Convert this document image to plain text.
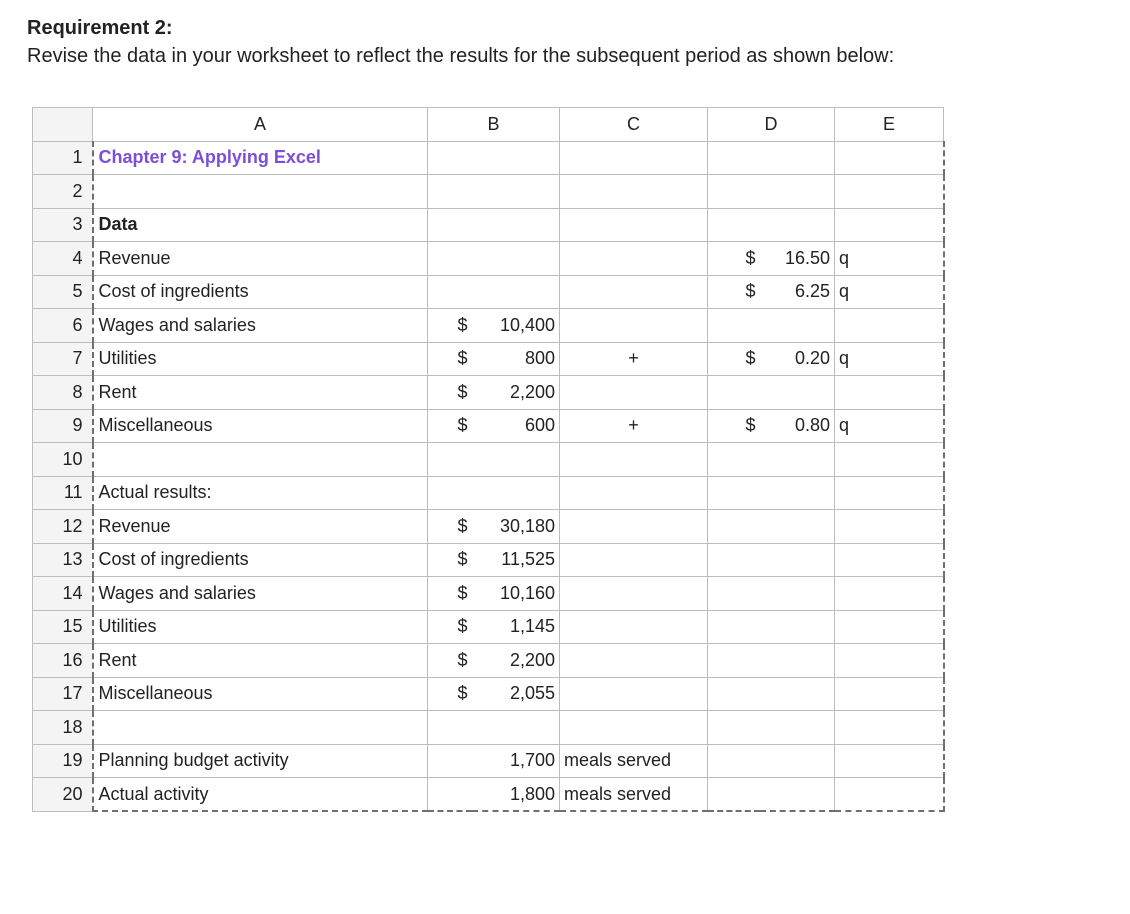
Requirement 2:
Revise the data in your worksheet to reflect the results for the subsequent period as shown below:
	A	B		C	D		E
1	Chapter 9: Applying Excel						
2							
3	Data						
4	Revenue				$	16.50	q
5	Cost of ingredients				$	6.25	q
6	Wages and salaries	$	10,400				
7	Utilities	$	800	+	$	0.20	q
8	Rent	$	2,200				
9	Miscellaneous	$	600	+	$	0.80	q
10							
11	Actual results:						
12	Revenue	$	30,180				
13	Cost of ingredients	$	11,525				
14	Wages and salaries	$	10,160				
15	Utilities	$	1,145				
16	Rent	$	2,200				
17	Miscellaneous	$	2,055				
18							
19	Planning budget activity		1,700	meals served			
20	Actual activity		1,800	meals served			
